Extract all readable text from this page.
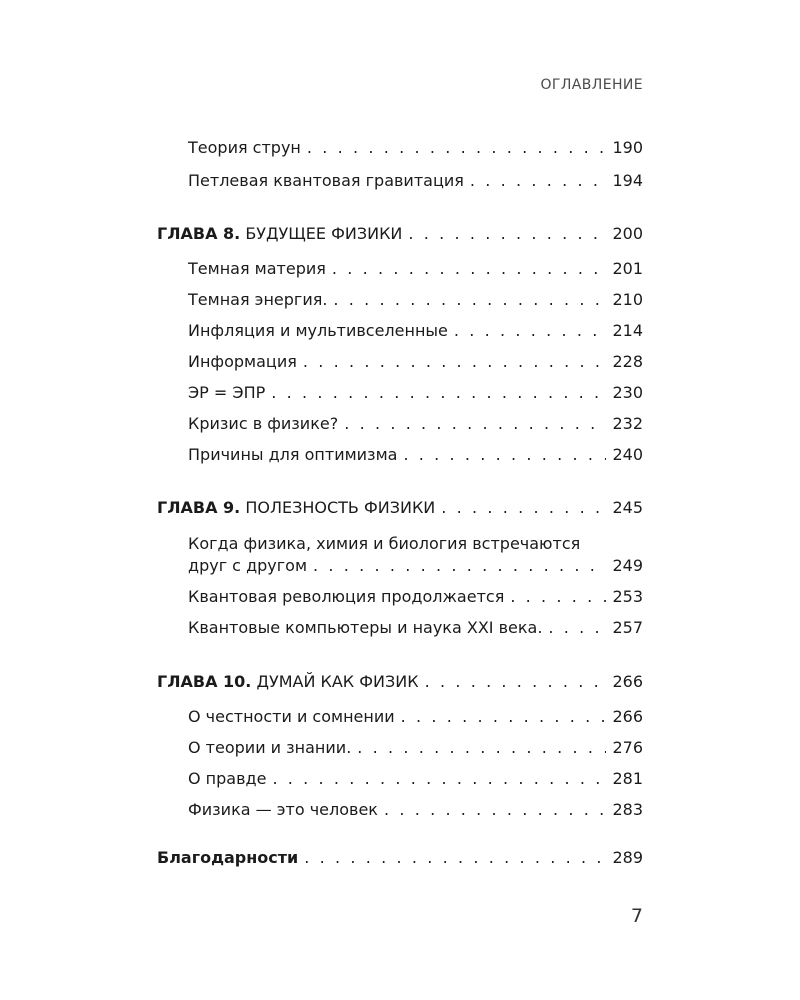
ОГЛАВЛЕНИЕ
Теория струн . . .	190
Петлевая квантовая гравитация . . .	194
ГЛАВА 8. БУДУЩЕЕ ФИЗИКИ . . .	200
Темная материя . . .	201
Темная энергия. . . .	210
Инфляция и мультивселенные . . .	214
Информация . . .	228
ЭР = ЭПР . . .	230
Кризис в физике? . . .	232
Причины для оптимизма . . .	240
ГЛАВА 9. ПОЛЕЗНОСТЬ ФИЗИКИ . . .	245
Когда физика, химия и биология встречаются
друг с другом . . .	249
Квантовая революция продолжается . . .	253
Квантовые компьютеры и наука XXI века. . . .	257
ГЛАВА 10. ДУМАЙ КАК ФИЗИК . . .	266
О честности и сомнении . . .	266
О теории и знании. . . .	276
О правде . . .	281
Физика — это человек . . .	283
Благодарности . . .	289
7
